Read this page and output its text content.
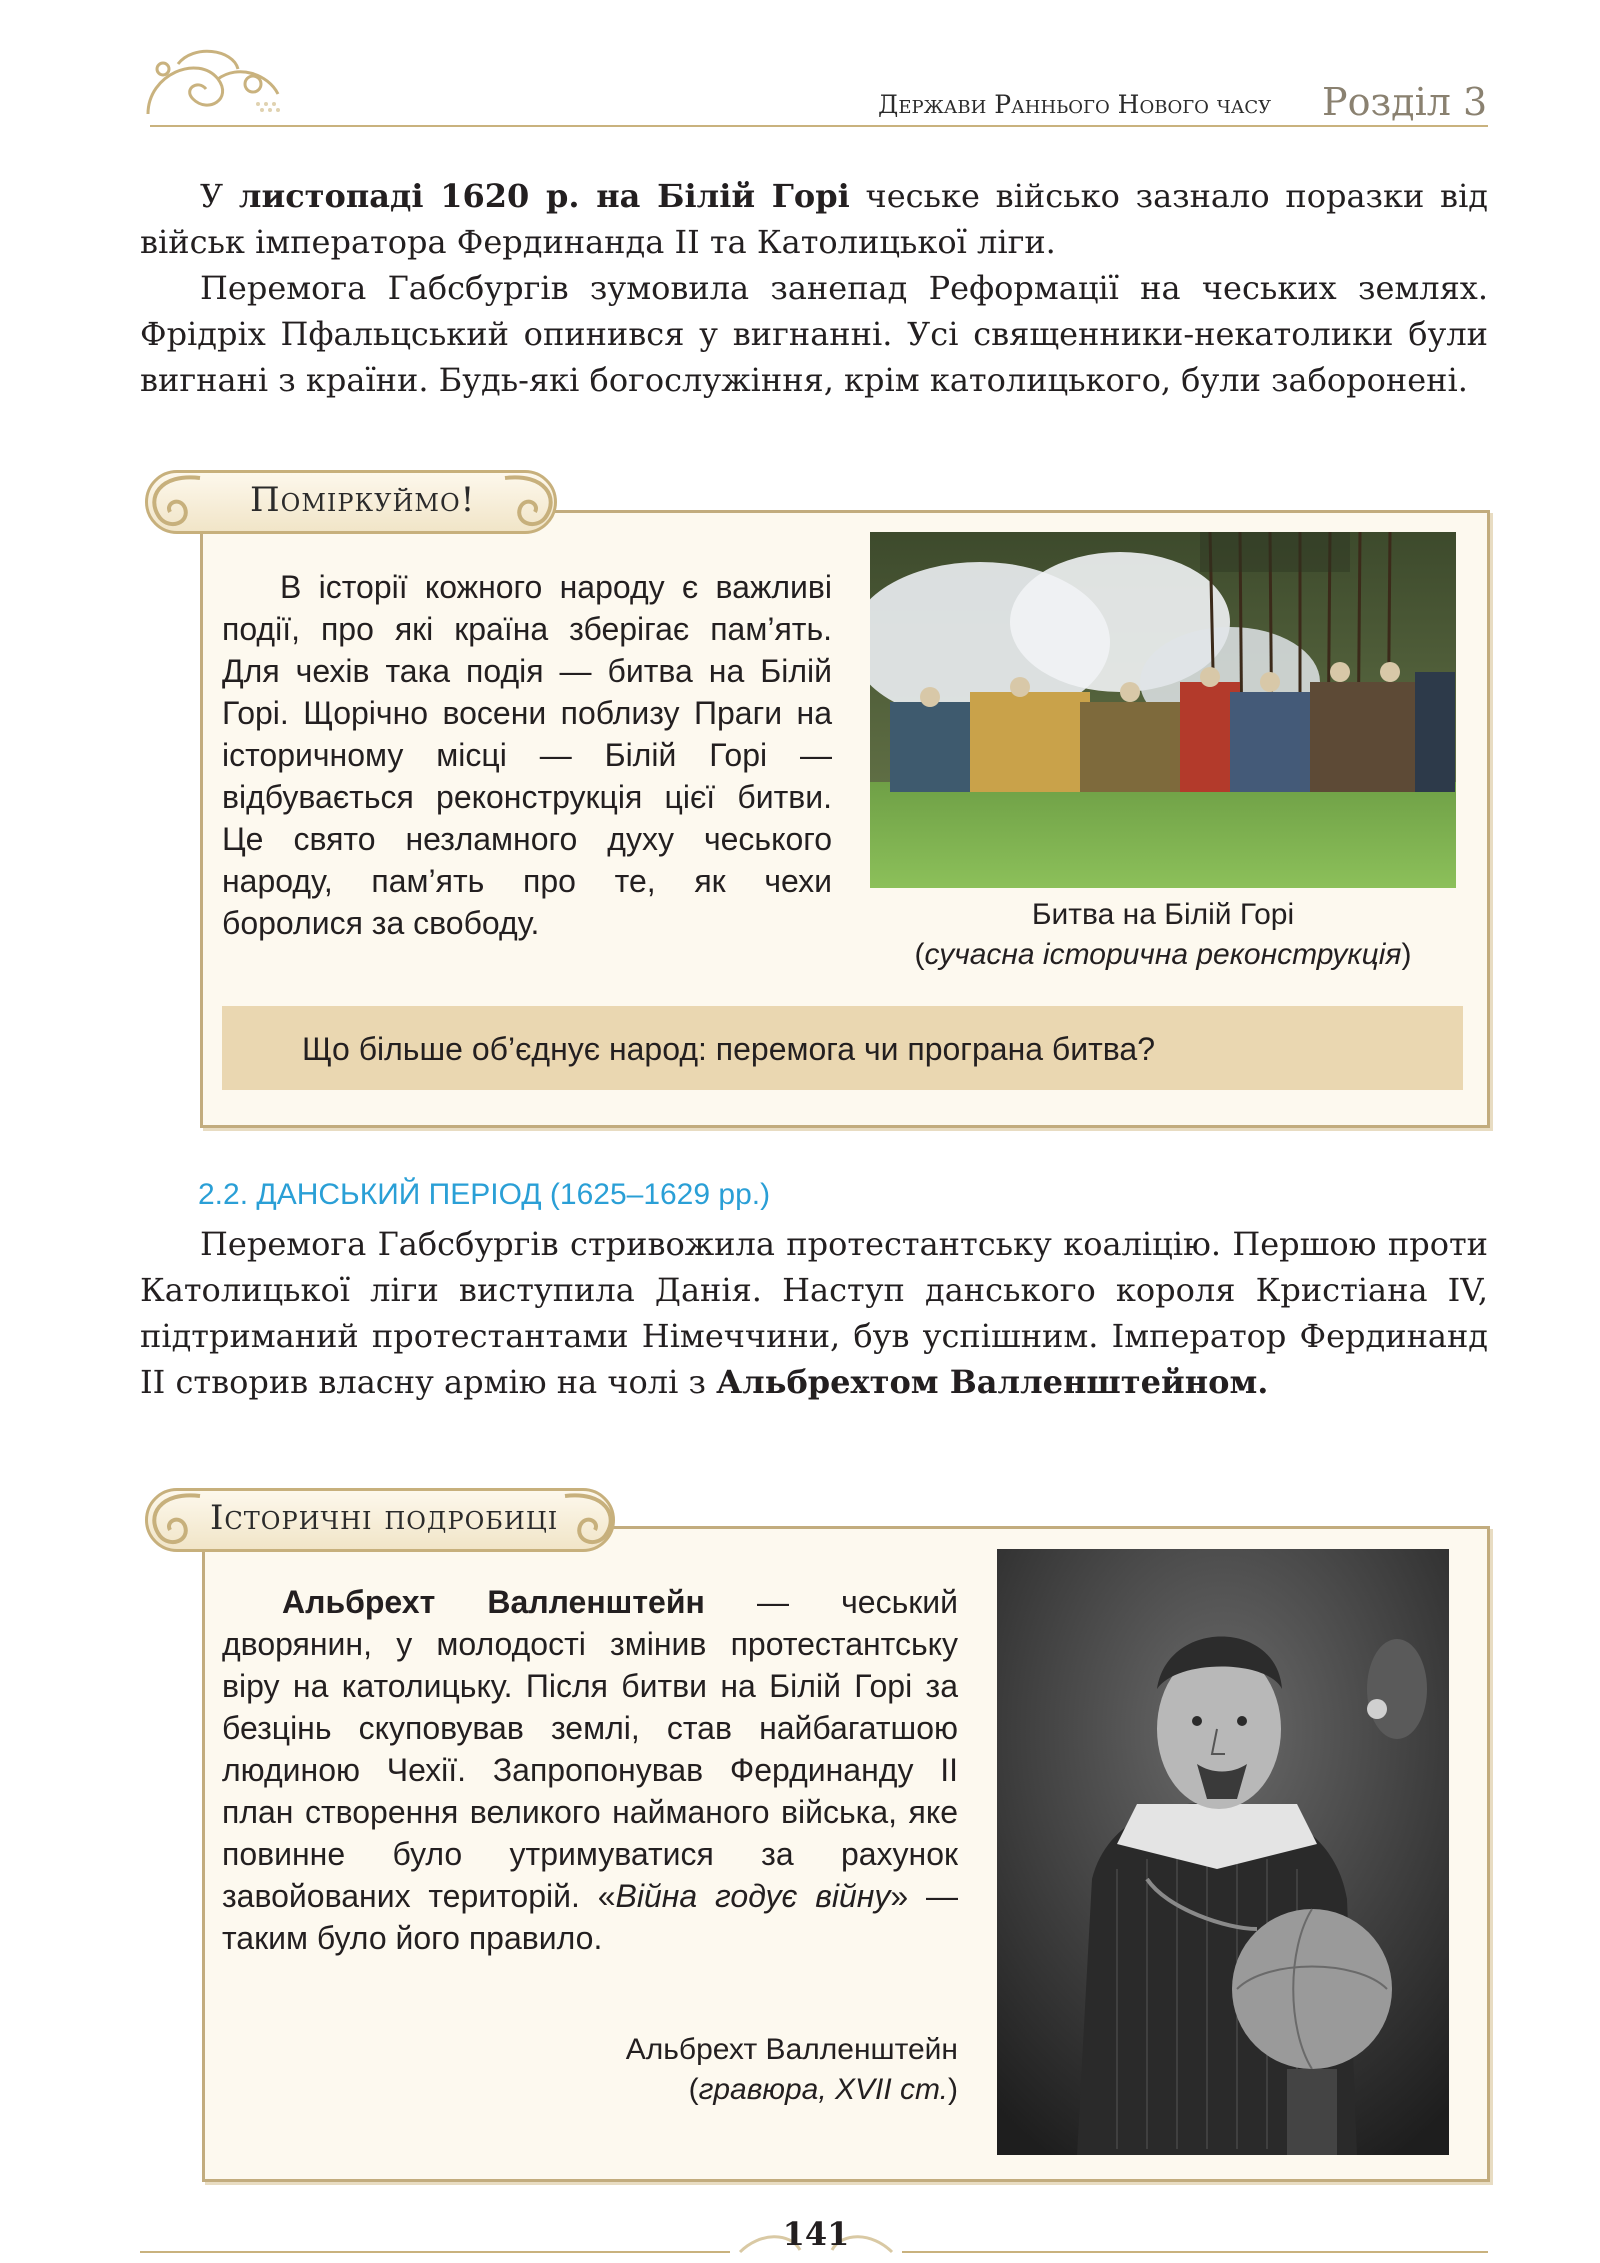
Держави Раннього Нового часу Розділ 3

У листопаді 1620 р. на Білій Горі чеське військо зазнало поразки від військ імператора Фердинанда II та Католицької ліги.

Перемога Габсбургів зумовила занепад Реформації на чеських землях. Фрідріх Пфальцський опинився у вигнанні. Усі священники-некатолики були вигнані з країни. Будь-які богослужіння, крім католицького, були заборонені.

Поміркуймо!
В історії кожного народу є важливі події, про які країна зберігає пам’ять. Для чехів така подія — битва на Білій Горі. Щорічно восени поблизу Праги на історичному місці — Білій Горі — відбувається реконструкція цієї битви. Це свято незламного духу чеського народу, пам’ять про те, як чехи боролися за свободу.	Битва на Білій Горі
(сучасна історична реконструкція)
Що більше об’єднує народ: перемога чи програна битва?
2.2. ДАНСЬКИЙ ПЕРІОД (1625–1629 рр.)

Перемога Габсбургів стривожила протестантську коаліцію. Першою проти Католицької ліги виступила Данія. Наступ данського короля Кристіана IV, підтриманий протестантами Німеччини, був успішним. Імператор Фердинанд II створив власну армію на чолі з Альбрехтом Валленштейном.

Історичні подробиці
Альбрехт Валленштейн — чеський дворянин, у молодості змінив протестантську віру на католицьку. Після битви на Білій Горі за безцінь скуповував землі, став найбагатшою людиною Чехії. Запропонував Фердинанду II план створення великого найманого війська, яке повинне було утримуватися за рахунок завойованих територій. «Війна годує війну» — таким було його правило.
Альбрехт Валленштейн
(гравюра, XVII ст.)
141
